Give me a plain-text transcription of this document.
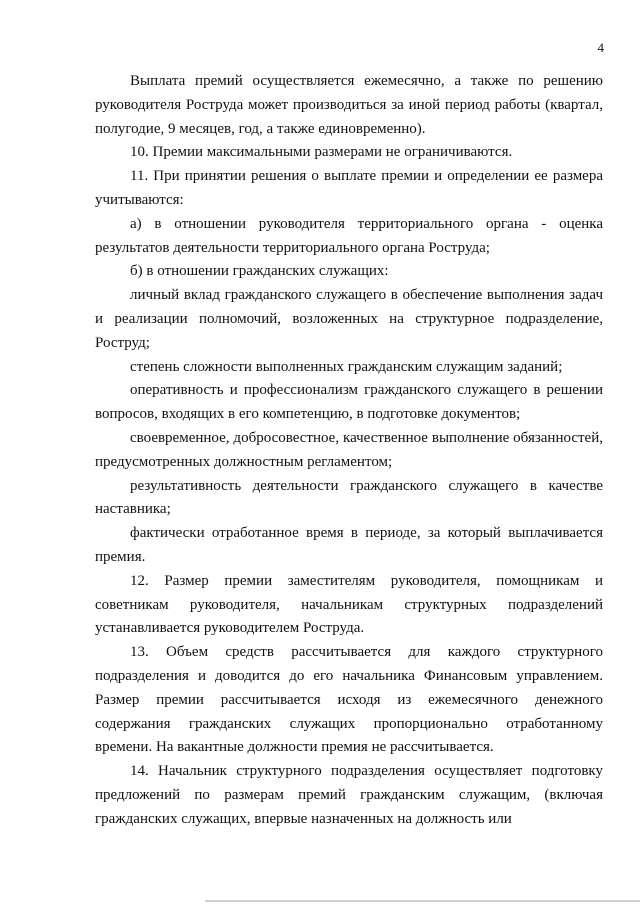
4

Выплата премий осуществляется ежемесячно, а также по решению руководителя Роструда может производиться за иной период работы (квартал, полугодие, 9 месяцев, год, а также единовременно).

10. Премии максимальными размерами не ограничиваются.

11. При принятии решения о выплате премии и определении ее размера учитываются:

а) в отношении руководителя территориального органа - оценка результатов деятельности территориального органа Роструда;

б) в отношении гражданских служащих:

личный вклад гражданского служащего в обеспечение выполнения задач и реализации полномочий, возложенных на структурное подразделение, Роструд;

степень сложности выполненных гражданским служащим заданий;

оперативность и профессионализм гражданского служащего в решении вопросов, входящих в его компетенцию, в подготовке документов;

своевременное, добросовестное, качественное выполнение обязанностей, предусмотренных должностным регламентом;

результативность деятельности гражданского служащего в качестве наставника;

фактически отработанное время в периоде, за который выплачивается премия.

12. Размер премии заместителям руководителя, помощникам и советникам руководителя, начальникам структурных подразделений устанавливается руководителем Роструда.

13. Объем средств рассчитывается для каждого структурного подразделения и доводится до его начальника Финансовым управлением. Размер премии рассчитывается исходя из ежемесячного денежного содержания гражданских служащих пропорционально отработанному времени. На вакантные должности премия не рассчитывается.

14. Начальник структурного подразделения осуществляет подготовку предложений по размерам премий гражданским служащим, (включая гражданских служащих, впервые назначенных на должность или
